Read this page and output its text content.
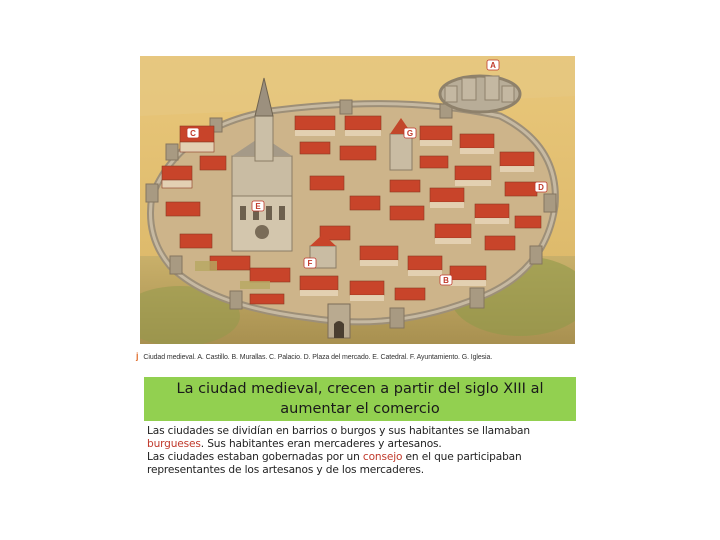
A
B
C
D
E
F
G
j Ciudad medieval. A. Castillo. B. Murallas. C. Palacio. D. Plaza del mercado. E. Catedral. F. Ayuntamiento. G. Iglesia.
La ciudad medieval, crecen a partir del siglo XIII al
aumentar el comercio

Las ciudades se dividían en barrios o burgos y sus habitantes se llamaban
burgueses. Sus habitantes eran mercaderes y artesanos.

Las ciudades estaban gobernadas por un consejo en el que participaban representantes de los artesanos y de los mercaderes.
